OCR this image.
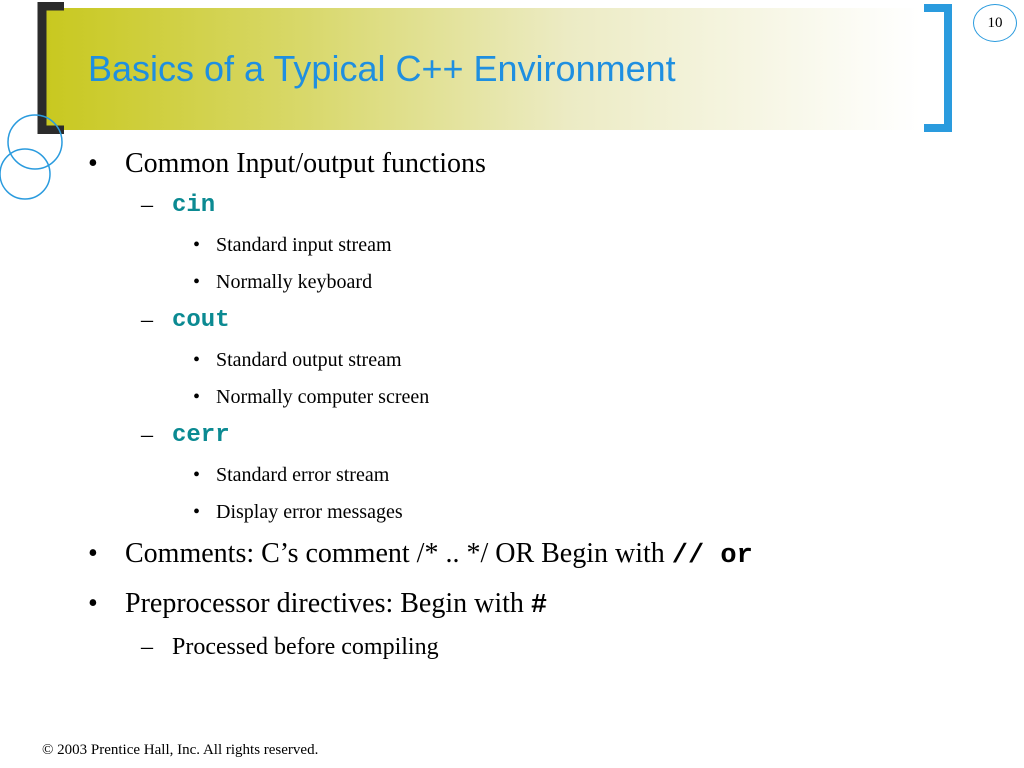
Basics of a Typical C++ Environment
10
• Common Input/output functions
– cin
• Standard input stream
• Normally keyboard
– cout
• Standard output stream
• Normally computer screen
– cerr
• Standard error stream
• Display error messages
• Comments: C’s comment /* .. */ OR Begin with // or
• Preprocessor directives: Begin with #
– Processed before compiling
© 2003 Prentice Hall, Inc. All rights reserved.
